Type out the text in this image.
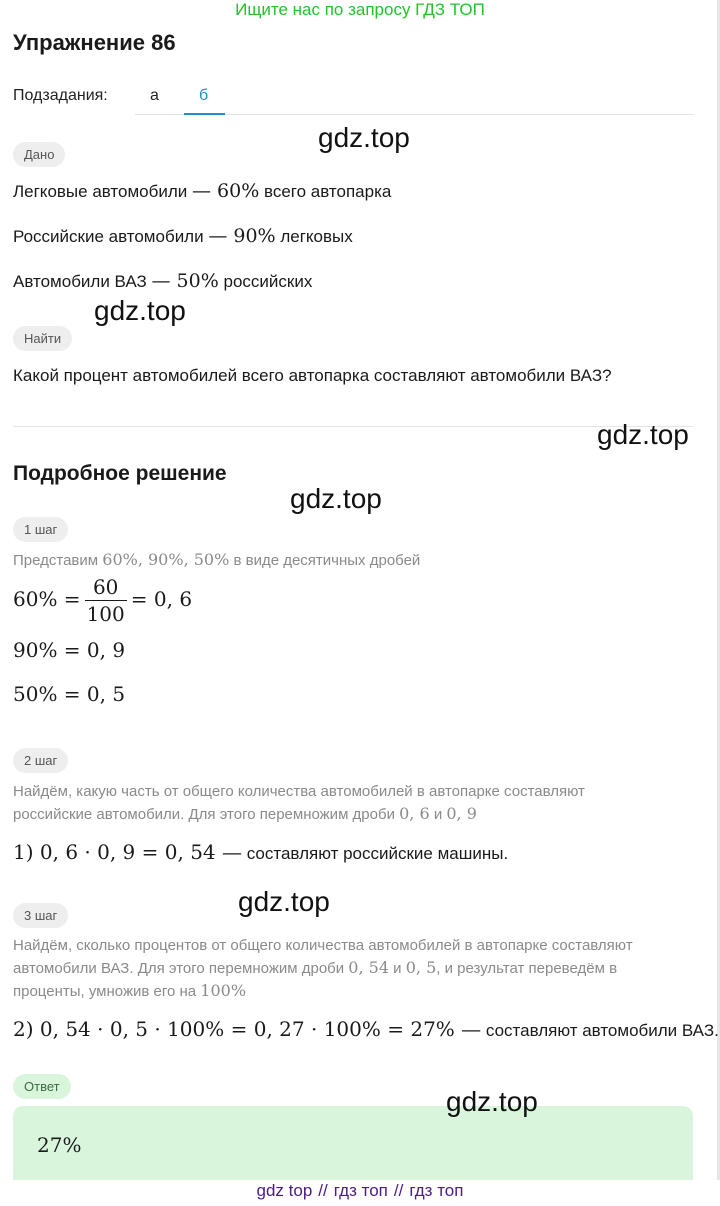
Ищите нас по запросу ГДЗ ТОП
Упражнение 86
Подзадания:	а	б
Дано
Легковые автомобили — 60% всего автопарка
Российские автомобили — 90% легковых
Автомобили ВАЗ — 50% российских
Найти
Какой процент автомобилей всего автопарка составляют автомобили ВАЗ?
Подробное решение
1 шаг
Представим 60%, 90%, 50% в виде десятичных дробей
$60\% = \frac{60}{100} = 0$, 6
90% = 0, 9
50% = 0, 5
2 шаг
Найдём, какую часть от общего количества автомобилей в автопарке составляют
российские автомобили. Для этого перемножим дроби 0, 6 и 0, 9
1) 0, 6 · 0, 9 = 0, 54 — составляют российские машины.
3 шаг
Найдём, сколько процентов от общего количества автомобилей в автопарке составляют
автомобили ВАЗ. Для этого перемножим дроби 0, 54 и 0, 5, и результат переведём в
проценты, умножив его на 100%
2) 0, 54 · 0, 5 · 100% = 0, 27 · 100% = 27% — составляют автомобили ВАЗ.
Ответ
27%
gdz.top
gdz.top
gdz.top
gdz.top
gdz.top
gdz.top
gdz top // гдз топ // гдз топ
